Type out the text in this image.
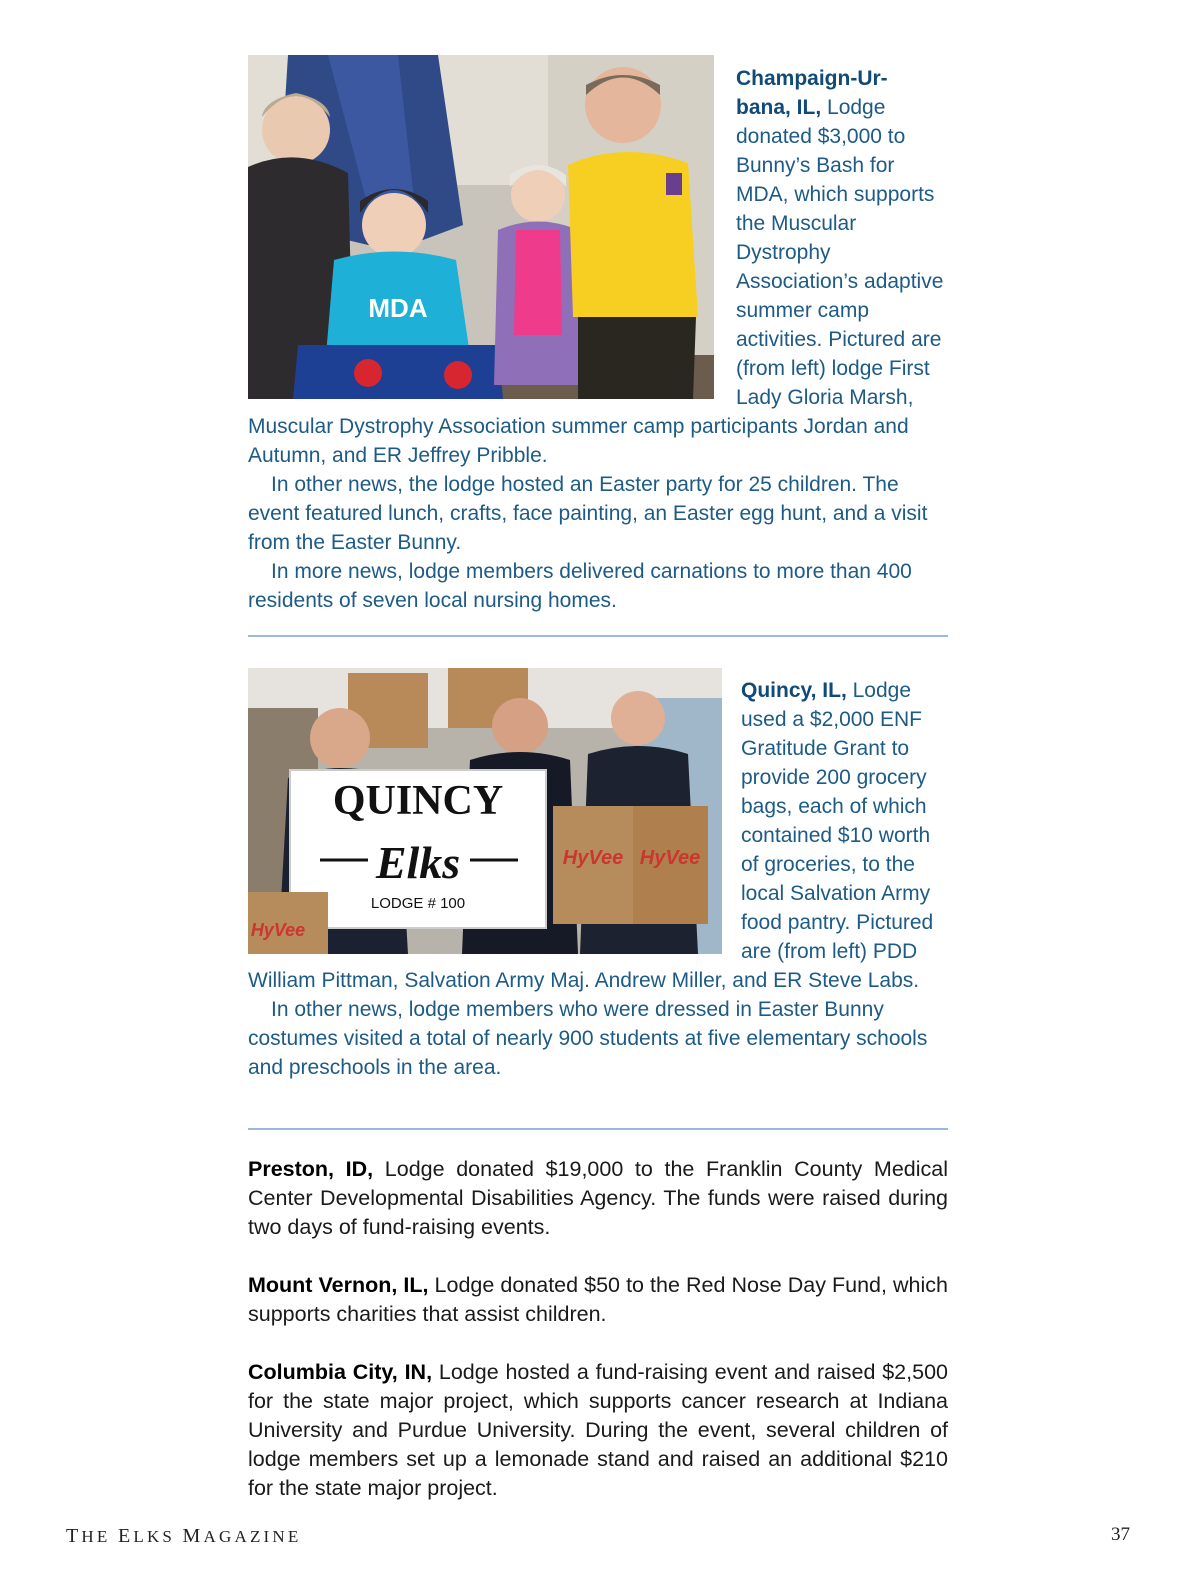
MDA

Champaign-Ur-
bana, IL, Lodge donated $3,000 to Bunny’s Bash for MDA, which supports the Muscular Dystrophy Association’s adaptive summer camp activities. Pictured are (from left) lodge First Lady Gloria Marsh, Muscular Dystrophy Association summer camp participants Jordan and Autumn, and ER Jeffrey Pribble.

In other news, the lodge hosted an Easter party for 25 children. The event featured lunch, crafts, face painting, an Easter egg hunt, and a visit from the Easter Bunny.

In more news, lodge members delivered carnations to more than 400 residents of seven local nursing homes.

QUINCY
Elks
LODGE # 100
HyVee HyVee
HyVee

Quincy, IL, Lodge used a $2,000 ENF Gratitude Grant to provide 200 grocery bags, each of which contained $10 worth of groceries, to the local Salvation Army food pantry. Pictured are (from left) PDD William Pittman, Salvation Army Maj. Andrew Miller, and ER Steve Labs.

In other news, lodge members who were dressed in Easter Bunny costumes visited a total of nearly 900 students at five elementary schools and preschools in the area.

Preston, ID, Lodge donated $19,000 to the Franklin County Medical Center Developmental Disabilities Agency. The funds were raised during two days of fund-raising events.

Mount Vernon, IL, Lodge donated $50 to the Red Nose Day Fund, which supports charities that assist children.

Columbia City, IN, Lodge hosted a fund-raising event and raised $2,500 for the state major project, which supports cancer research at Indiana University and Purdue University. During the event, several children of lodge members set up a lemonade stand and raised an additional $210 for the state major project.

THE ELKS MAGAZINE	37
